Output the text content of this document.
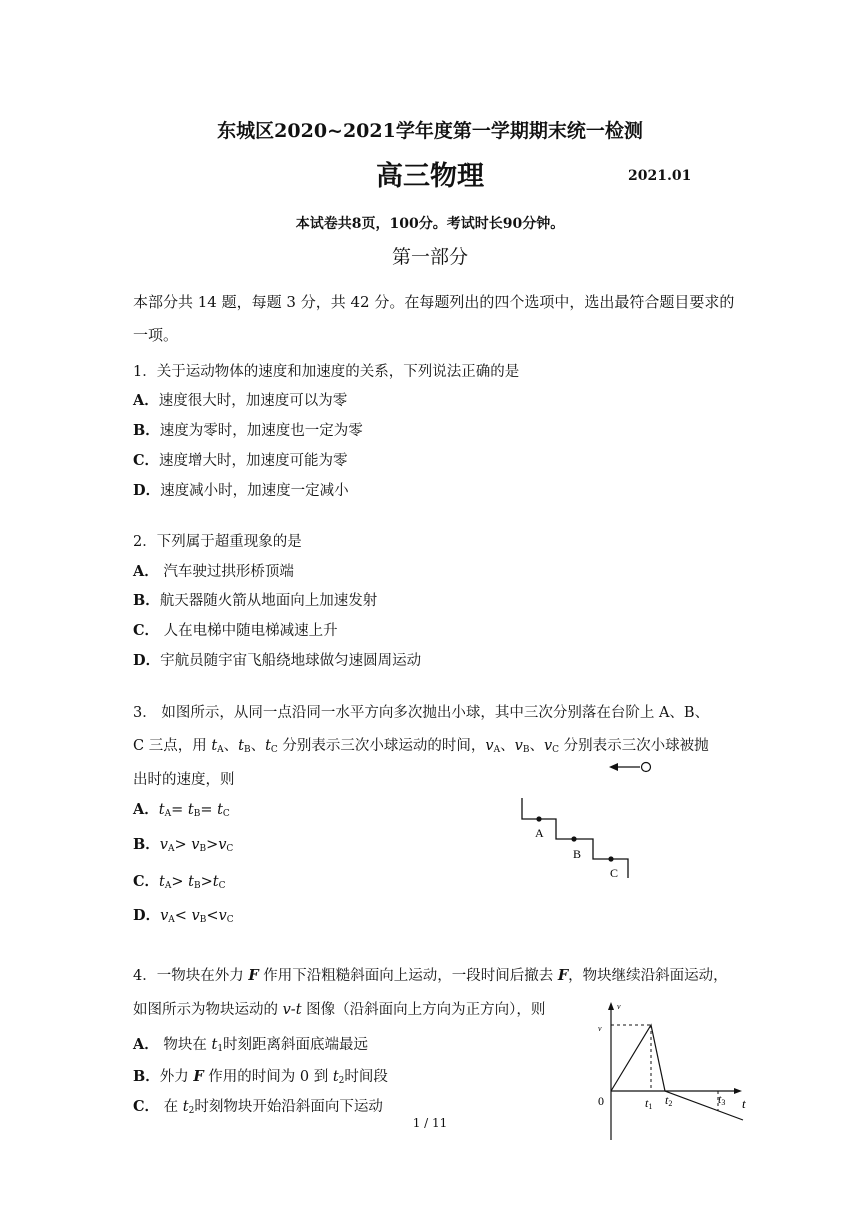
东城区2020~2021学年度第一学期期末统一检测
高三物理	2021.01
本试卷共8页，100分。考试时长90分钟。
第一部分
本部分共 14 题，每题 3 分，共 42 分。在每题列出的四个选项中，选出最符合题目要求的
一项。
1．关于运动物体的速度和加速度的关系，下列说法正确的是
A．速度很大时，加速度可以为零
B．速度为零时，加速度也一定为零
C．速度增大时，加速度可能为零
D．速度减小时，加速度一定减小
2．下列属于超重现象的是
A． 汽车驶过拱形桥顶端
B．航天器随火箭从地面向上加速发射
C． 人在电梯中随电梯减速上升
D．宇航员随宇宙飞船绕地球做匀速圆周运动
3． 如图所示，从同一点沿同一水平方向多次抛出小球，其中三次分别落在台阶上 A、B、
C 三点，用 $t_A$、$t_B$、$t_C$ 分别表示三次小球运动的时间，$v_A$、$v_B$、$v_C$ 分别表示三次小球被抛
出时的速度，则
A．$t_A= t_B= t_C$
B．$v_A> v_B>v_C$
C．$t_A> t_B>t_C$
D．$v_A< v_B<v_C$
A
B
C
4．一物块在外力 F 作用下沿粗糙斜面向上运动，一段时间后撤去 F，物块继续沿斜面运动，
如图所示为物块运动的 v-t 图像（沿斜面向上方向为正方向），则
A． 物块在 $t_1$时刻距离斜面底端最远
B．外力 F 作用的时间为 0 到 $t_2$时间段
C． 在 $t_2$时刻物块开始沿斜面向下运动
v
v
0	t
t1 t2	t3
1 / 11
